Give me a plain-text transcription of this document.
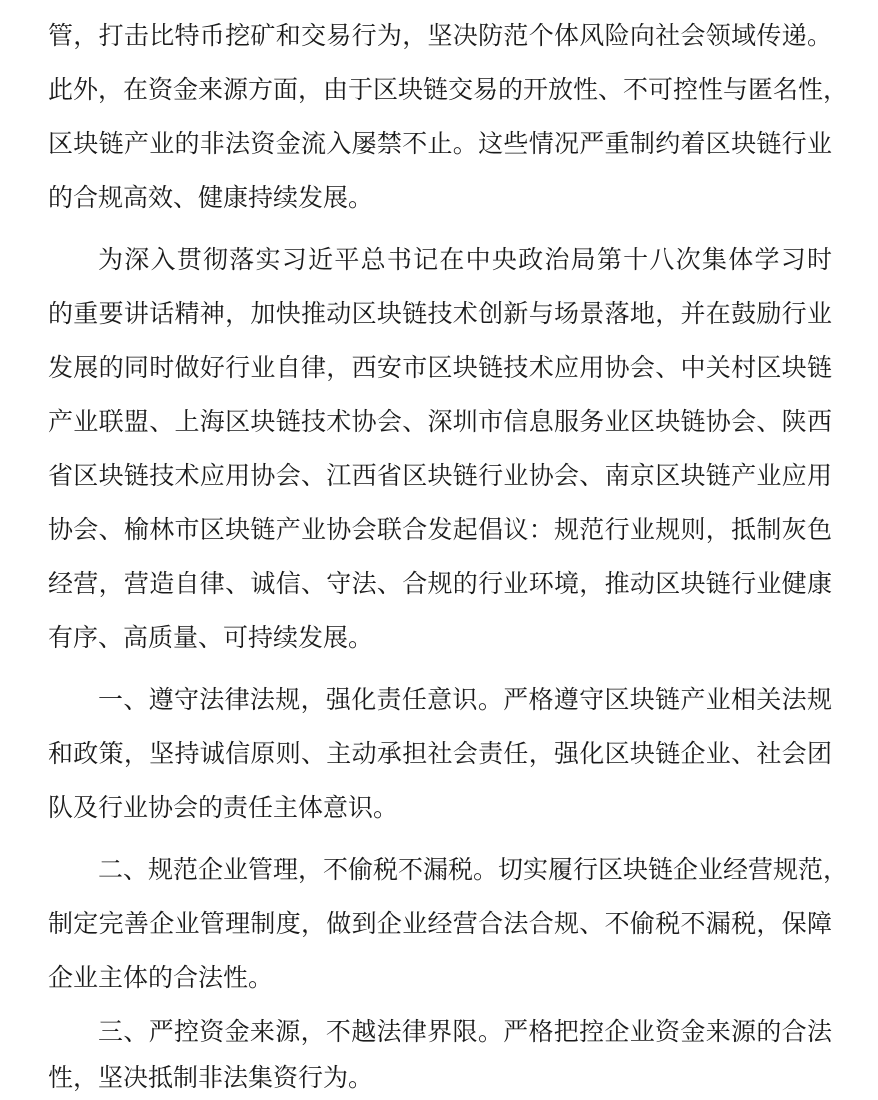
管，打击比特币挖矿和交易行为，坚决防范个体风险向社会领域传递。
此外，在资金来源方面，由于区块链交易的开放性、不可控性与匿名性，
区块链产业的非法资金流入屡禁不止。这些情况严重制约着区块链行业
的合规高效、健康持续发展。
为深入贯彻落实习近平总书记在中央政治局第十八次集体学习时
的重要讲话精神，加快推动区块链技术创新与场景落地，并在鼓励行业
发展的同时做好行业自律，西安市区块链技术应用协会、中关村区块链
产业联盟、上海区块链技术协会、深圳市信息服务业区块链协会、陕西
省区块链技术应用协会、江西省区块链行业协会、南京区块链产业应用
协会、榆林市区块链产业协会联合发起倡议：规范行业规则，抵制灰色
经营，营造自律、诚信、守法、合规的行业环境，推动区块链行业健康
有序、高质量、可持续发展。
一、遵守法律法规，强化责任意识。严格遵守区块链产业相关法规
和政策，坚持诚信原则、主动承担社会责任，强化区块链企业、社会团
队及行业协会的责任主体意识。
二、规范企业管理，不偷税不漏税。切实履行区块链企业经营规范，
制定完善企业管理制度，做到企业经营合法合规、不偷税不漏税，保障
企业主体的合法性。
三、严控资金来源，不越法律界限。严格把控企业资金来源的合法
性，坚决抵制非法集资行为。
